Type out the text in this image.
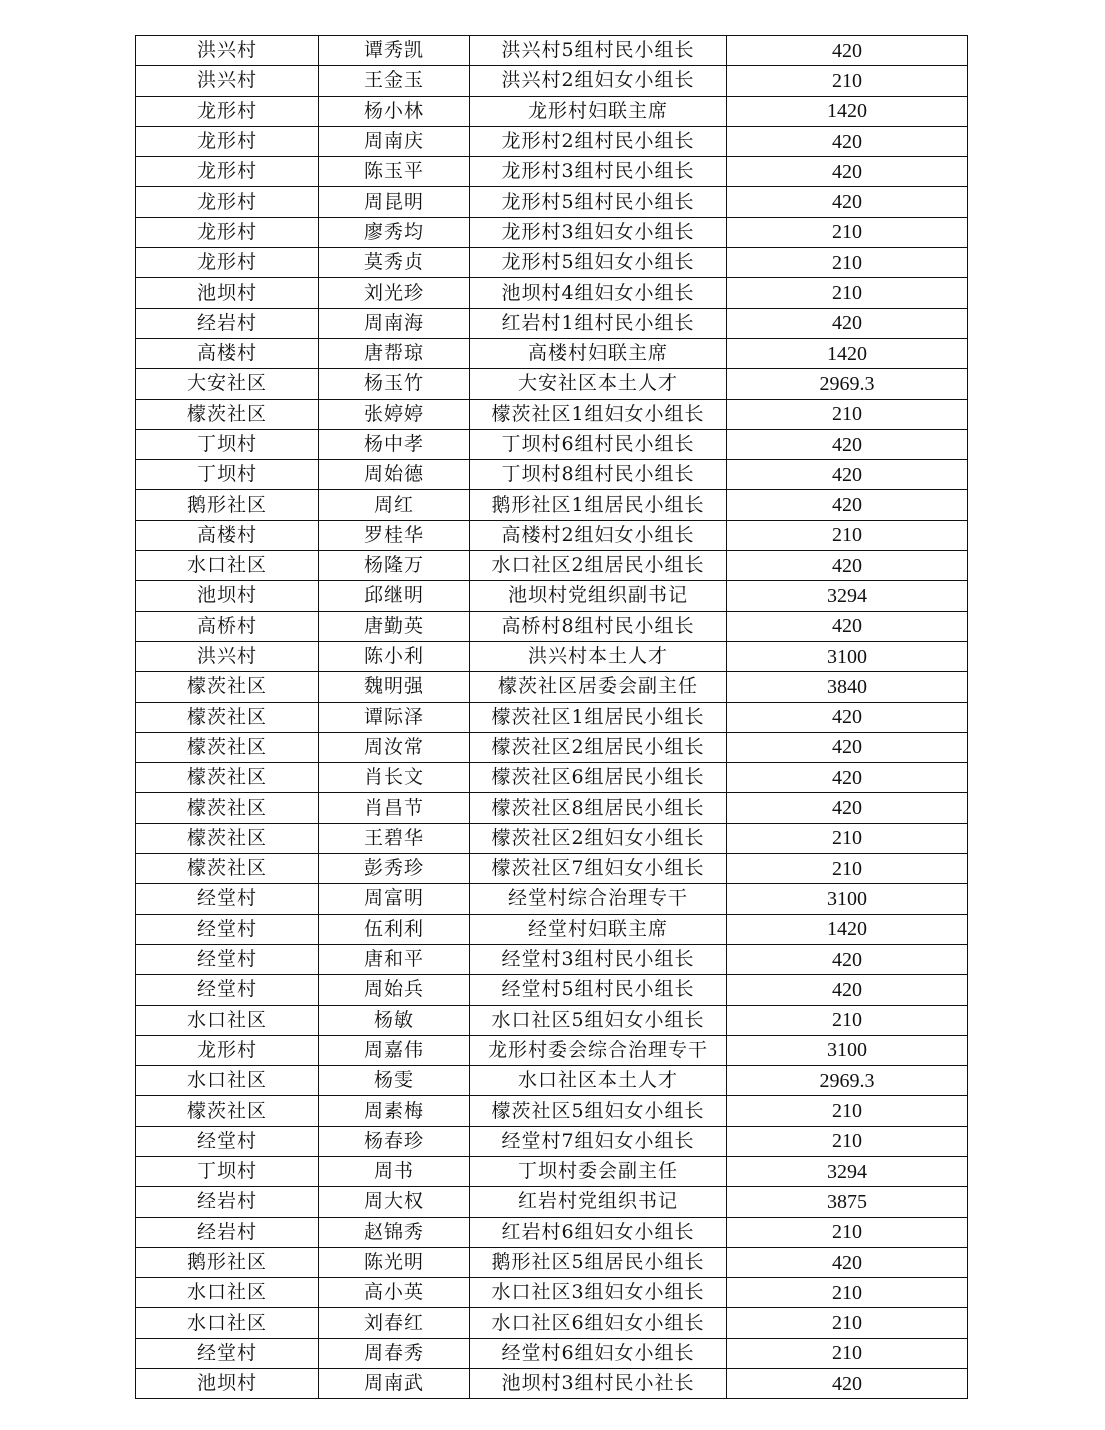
洪兴村	谭秀凯	洪兴村5组村民小组长	420
洪兴村	王金玉	洪兴村2组妇女小组长	210
龙形村	杨小林	龙形村妇联主席	1420
龙形村	周南庆	龙形村2组村民小组长	420
龙形村	陈玉平	龙形村3组村民小组长	420
龙形村	周昆明	龙形村5组村民小组长	420
龙形村	廖秀均	龙形村3组妇女小组长	210
龙形村	莫秀贞	龙形村5组妇女小组长	210
池坝村	刘光珍	池坝村4组妇女小组长	210
经岩村	周南海	红岩村1组村民小组长	420
高楼村	唐帮琼	高楼村妇联主席	1420
大安社区	杨玉竹	大安社区本土人才	2969.3
檬茨社区	张婷婷	檬茨社区1组妇女小组长	210
丁坝村	杨中孝	丁坝村6组村民小组长	420
丁坝村	周始德	丁坝村8组村民小组长	420
鹅形社区	周红	鹅形社区1组居民小组长	420
高楼村	罗桂华	高楼村2组妇女小组长	210
水口社区	杨隆万	水口社区2组居民小组长	420
池坝村	邱继明	池坝村党组织副书记	3294
高桥村	唐勤英	高桥村8组村民小组长	420
洪兴村	陈小利	洪兴村本土人才	3100
檬茨社区	魏明强	檬茨社区居委会副主任	3840
檬茨社区	谭际泽	檬茨社区1组居民小组长	420
檬茨社区	周汝常	檬茨社区2组居民小组长	420
檬茨社区	肖长文	檬茨社区6组居民小组长	420
檬茨社区	肖昌节	檬茨社区8组居民小组长	420
檬茨社区	王碧华	檬茨社区2组妇女小组长	210
檬茨社区	彭秀珍	檬茨社区7组妇女小组长	210
经堂村	周富明	经堂村综合治理专干	3100
经堂村	伍利利	经堂村妇联主席	1420
经堂村	唐和平	经堂村3组村民小组长	420
经堂村	周始兵	经堂村5组村民小组长	420
水口社区	杨敏	水口社区5组妇女小组长	210
龙形村	周嘉伟	龙形村委会综合治理专干	3100
水口社区	杨雯	水口社区本土人才	2969.3
檬茨社区	周素梅	檬茨社区5组妇女小组长	210
经堂村	杨春珍	经堂村7组妇女小组长	210
丁坝村	周书	丁坝村委会副主任	3294
经岩村	周大权	红岩村党组织书记	3875
经岩村	赵锦秀	红岩村6组妇女小组长	210
鹅形社区	陈光明	鹅形社区5组居民小组长	420
水口社区	高小英	水口社区3组妇女小组长	210
水口社区	刘春红	水口社区6组妇女小组长	210
经堂村	周春秀	经堂村6组妇女小组长	210
池坝村	周南武	池坝村3组村民小社长	420
